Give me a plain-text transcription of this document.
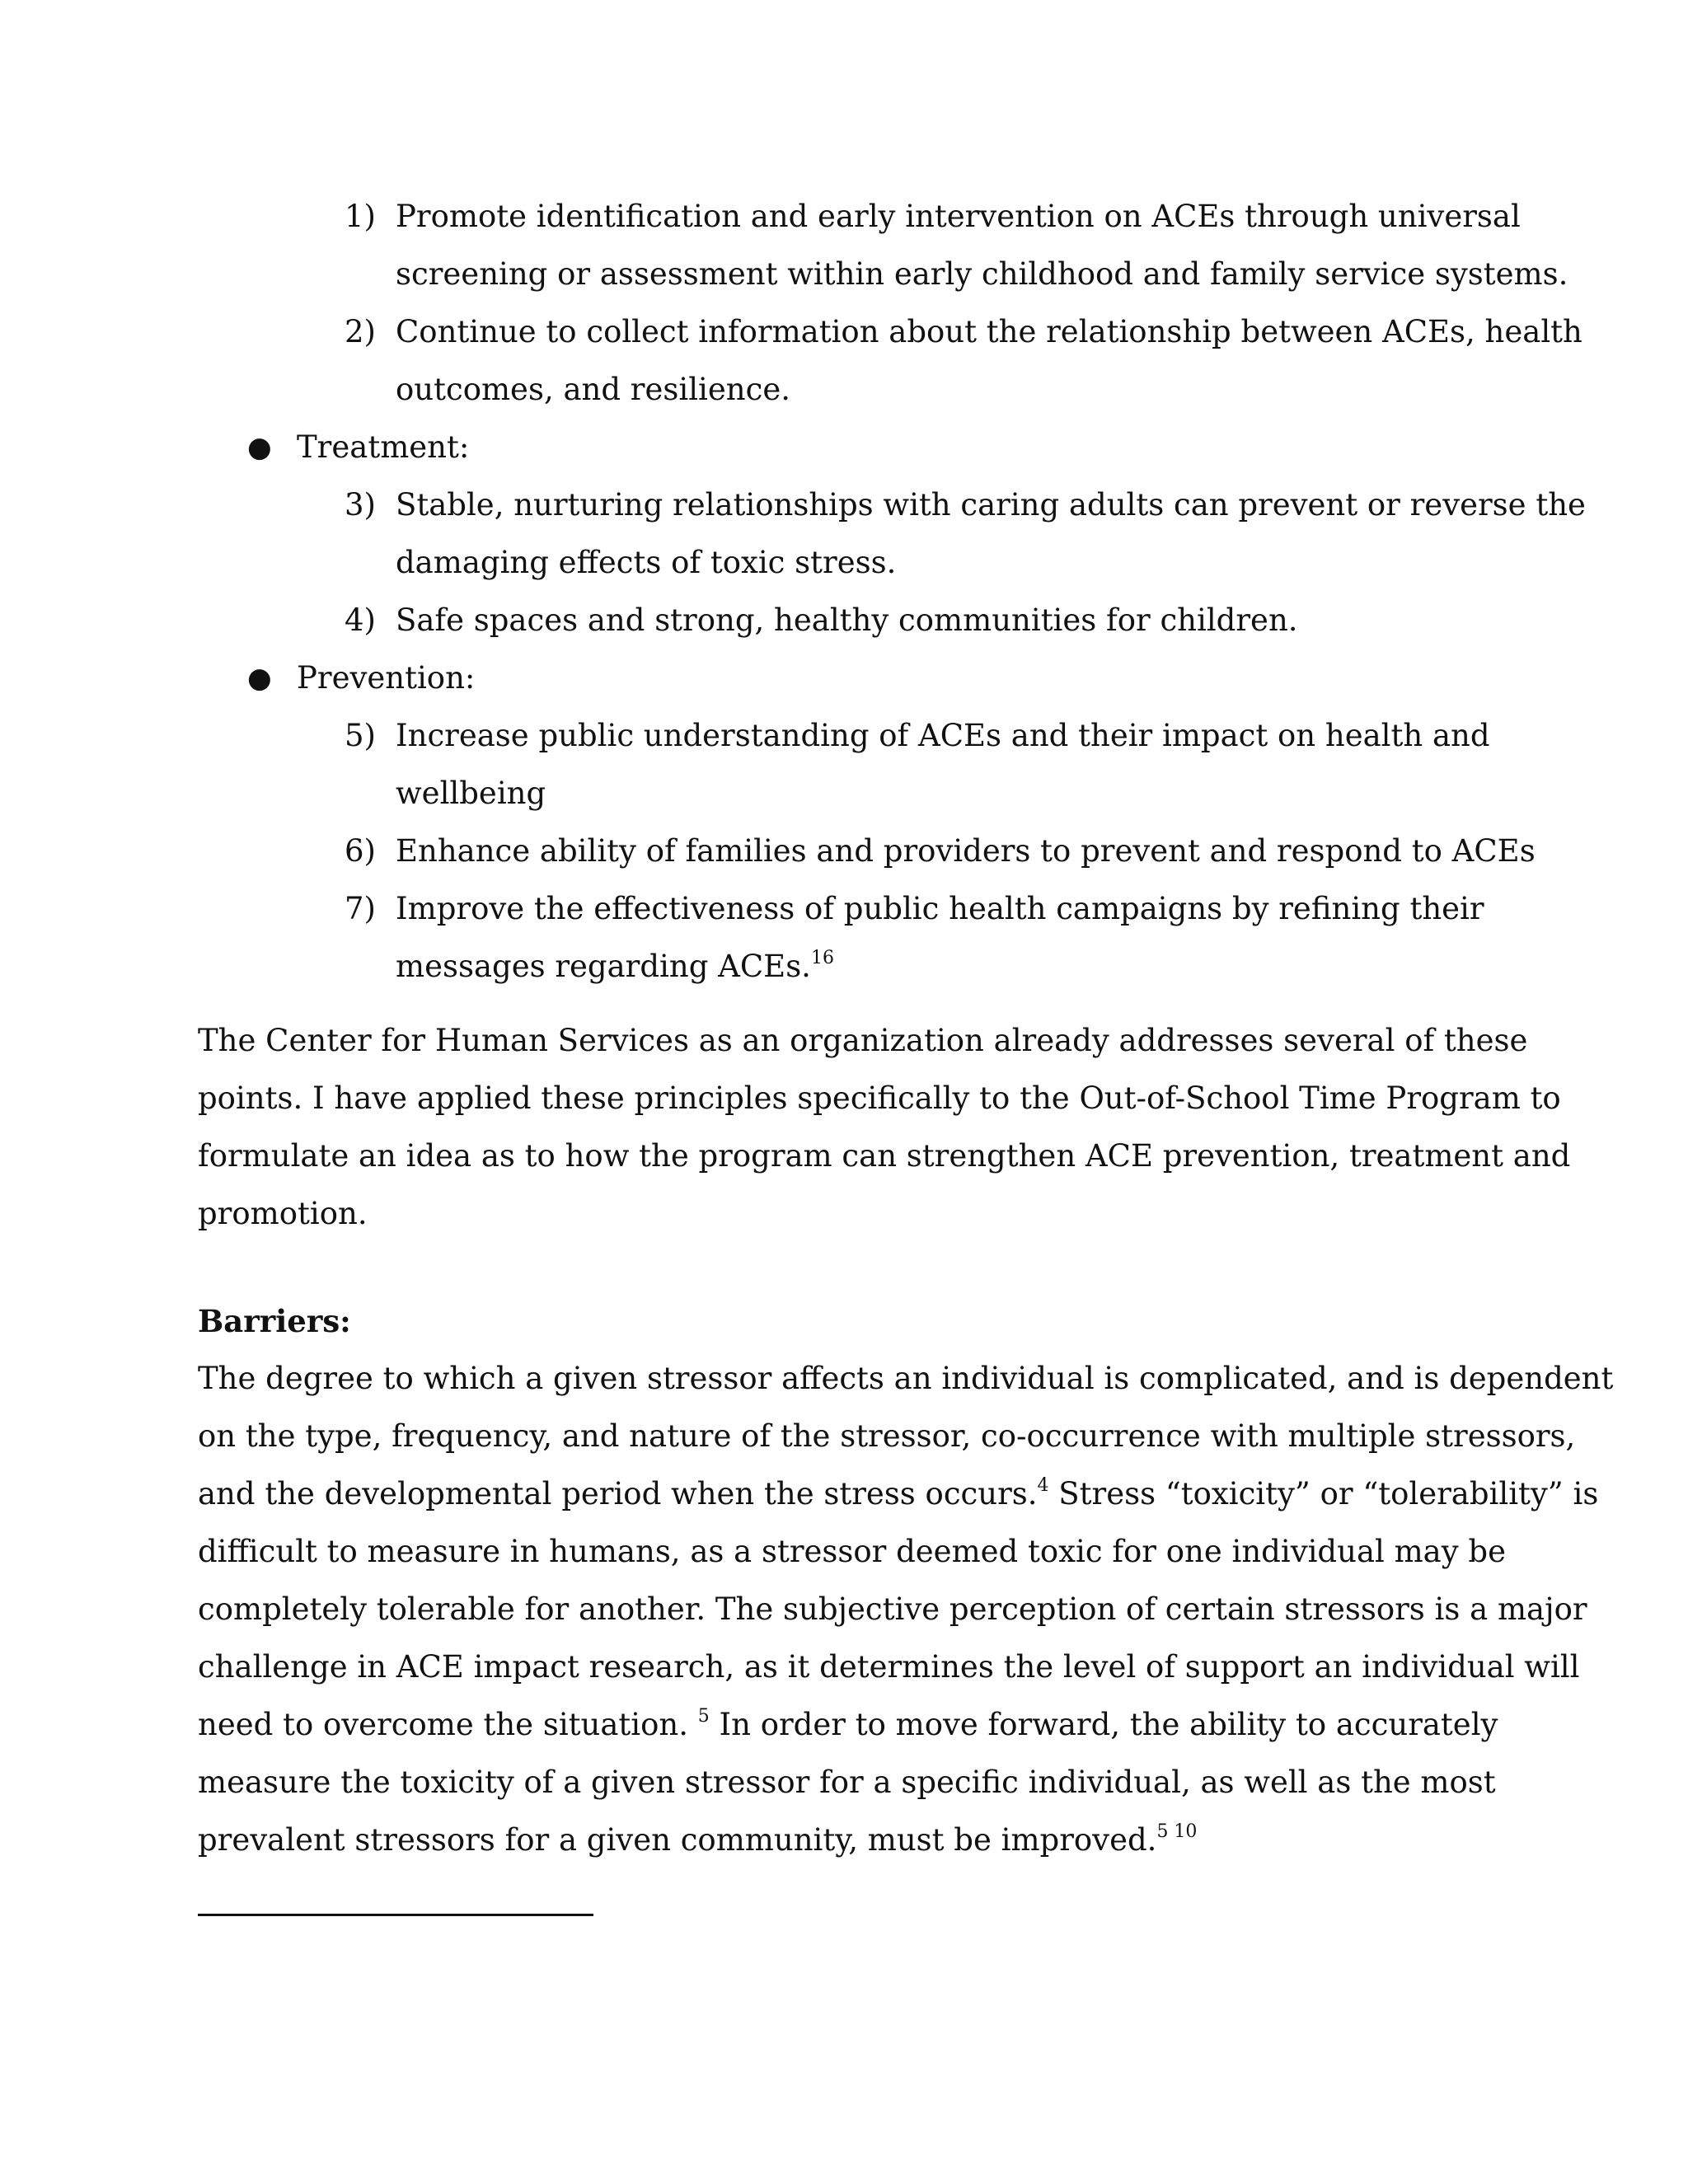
1) Promote identification and early intervention on ACEs through universal
screening or assessment within early childhood and family service systems.
2) Continue to collect information about the relationship between ACEs, health
outcomes, and resilience.
● Treatment:
3) Stable, nurturing relationships with caring adults can prevent or reverse the
damaging effects of toxic stress.
4) Safe spaces and strong, healthy communities for children.
● Prevention:
5) Increase public understanding of ACEs and their impact on health and
wellbeing
6) Enhance ability of families and providers to prevent and respond to ACEs
7) Improve the effectiveness of public health campaigns by refining their
messages regarding ACEs.$^{16}$
The Center for Human Services as an organization already addresses several of these
points. I have applied these principles specifically to the Out-of-School Time Program to
formulate an idea as to how the program can strengthen ACE prevention, treatment and
promotion.
Barriers:
The degree to which a given stressor affects an individual is complicated, and is dependent
on the type, frequency, and nature of the stressor, co-occurrence with multiple stressors,
and the developmental period when the stress occurs.$^4$ Stress “toxicity” or “tolerability” is
difficult to measure in humans, as a stressor deemed toxic for one individual may be
completely tolerable for another. The subjective perception of certain stressors is a major
challenge in ACE impact research, as it determines the level of support an individual will
need to overcome the situation. $^5$ In order to move forward, the ability to accurately
measure the toxicity of a given stressor for a specific individual, as well as the most
prevalent stressors for a given community, must be improved.$^{5 10}$
